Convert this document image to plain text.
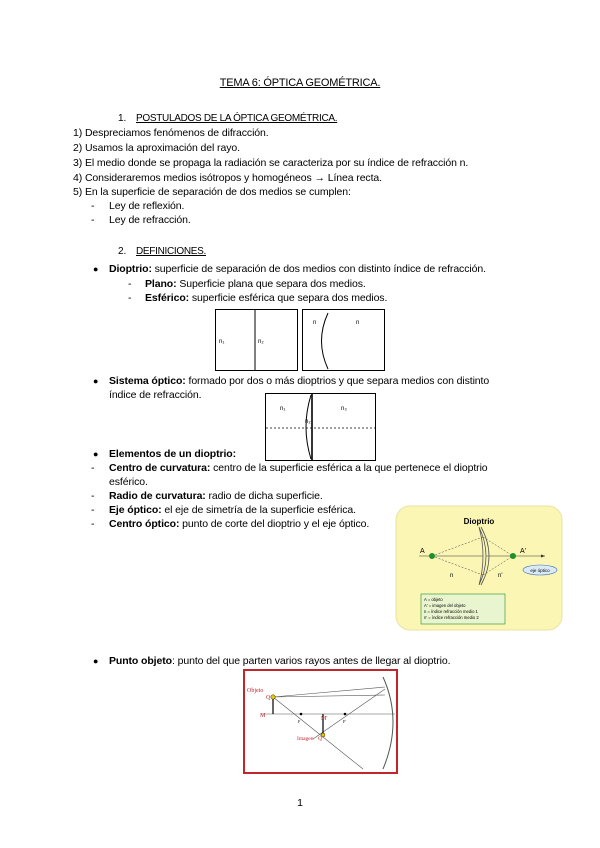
TEMA 6: ÓPTICA GEOMÉTRICA.
1. POSTULADOS DE LA ÓPTICA GEOMÉTRICA.
1) Despreciamos fenómenos de difracción.
2) Usamos la aproximación del rayo.
3) El medio donde se propaga la radiación se caracteriza por su índice de refracción n.
4) Consideraremos medios isótropos y homogéneos → Línea recta.
5) En la superficie de separación de dos medios se cumplen:
- Ley de reflexión.
- Ley de refracción.
2. DEFINICIONES.
● Dioptrio: superficie de separación de dos medios con distinto índice de refracción.
- Plano: Superficie plana que separa dos medios.
- Esférico: superficie esférica que separa dos medios.
n₁	n₂
n	n
● Sistema óptico: formado por dos o más dioptrios y que separa medios con distinto
índice de refracción.
n₁
n₂
n₃
● Elementos de un dioptrio:
- Centro de curvatura: centro de la superficie esférica a la que pertenece el dioptrio
esférico.
- Radio de curvatura: radio de dicha superficie.
- Eje óptico: el eje de simetría de la superficie esférica.
- Centro óptico: punto de corte del dioptrio y el eje óptico.	Dioptrio
A	A'
n	n'
eje óptico
A = objeto
A' = imagen del objeto
n = índice refracción medio 1
n' = índice refracción medio 2
● Punto objeto: punto del que parten varios rayos antes de llegar al dioptrio.
Objeto
Q
M	M'
Imagen Q'
F	F'
1
